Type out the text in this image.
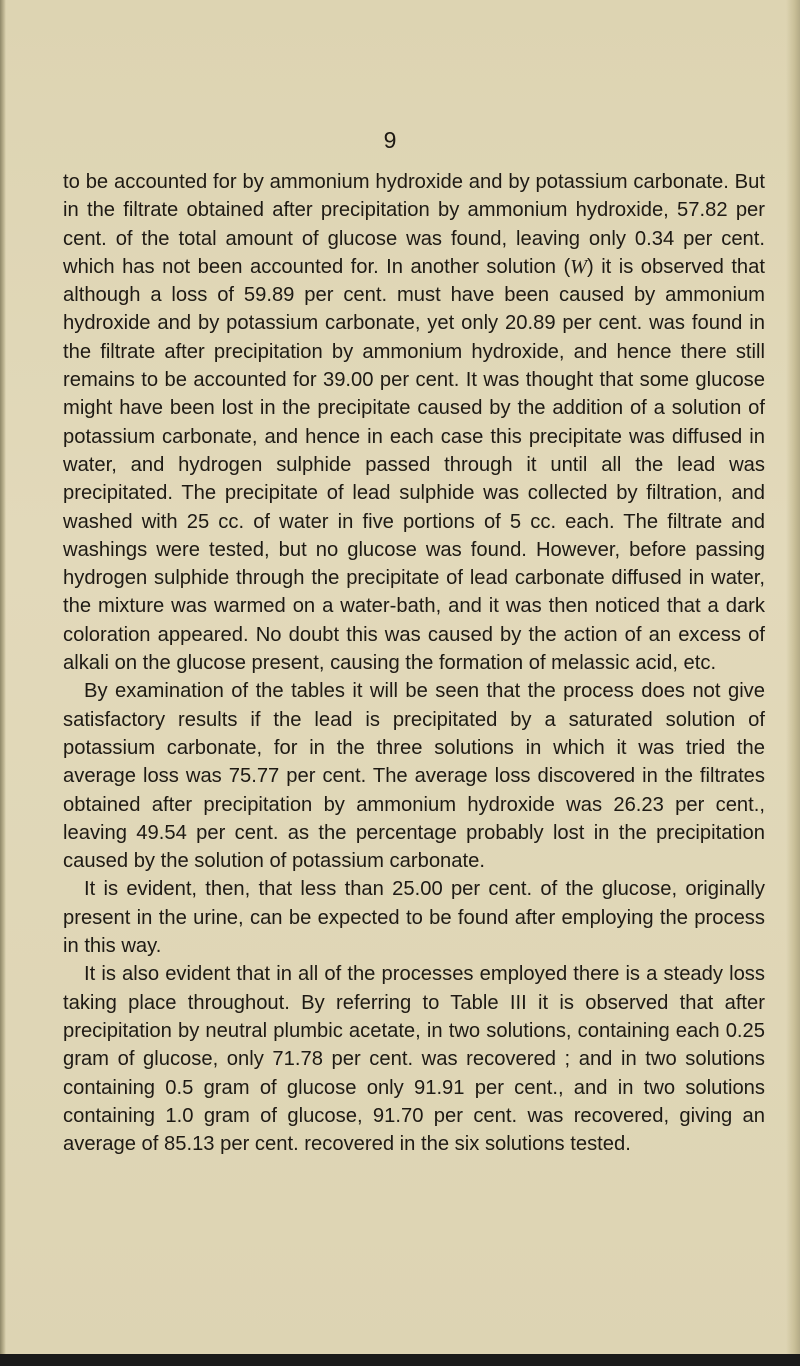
9

to be accounted for by ammonium hydroxide and by potassium carbonate. But in the filtrate obtained after precipitation by ammonium hydroxide, 57.82 per cent. of the total amount of glucose was found, leaving only 0.34 per cent. which has not been accounted for. In another solution (W) it is observed that although a loss of 59.89 per cent. must have been caused by ammonium hydroxide and by potassium carbonate, yet only 20.89 per cent. was found in the filtrate after precipitation by ammonium hydroxide, and hence there still remains to be accounted for 39.00 per cent. It was thought that some glucose might have been lost in the precipitate caused by the addition of a solution of potassium carbonate, and hence in each case this precipitate was diffused in water, and hydrogen sulphide passed through it until all the lead was precipitated. The precipitate of lead sulphide was collected by filtration, and washed with 25 cc. of water in five portions of 5 cc. each. The filtrate and washings were tested, but no glucose was found. However, before passing hydrogen sulphide through the precipitate of lead carbonate diffused in water, the mixture was warmed on a water-bath, and it was then noticed that a dark coloration appeared. No doubt this was caused by the action of an excess of alkali on the glucose present, causing the formation of melassic acid, etc.

By examination of the tables it will be seen that the process does not give satisfactory results if the lead is precipitated by a saturated solution of potassium carbonate, for in the three solutions in which it was tried the average loss was 75.77 per cent. The average loss discovered in the filtrates obtained after precipitation by ammonium hydroxide was 26.23 per cent., leaving 49.54 per cent. as the percentage probably lost in the precipitation caused by the solution of potassium carbonate.

It is evident, then, that less than 25.00 per cent. of the glucose, originally present in the urine, can be expected to be found after employing the process in this way.

It is also evident that in all of the processes employed there is a steady loss taking place throughout. By referring to Table III it is observed that after precipitation by neutral plumbic acetate, in two solutions, containing each 0.25 gram of glucose, only 71.78 per cent. was recovered ; and in two solutions containing 0.5 gram of glucose only 91.91 per cent., and in two solutions containing 1.0 gram of glucose, 91.70 per cent. was recovered, giving an average of 85.13 per cent. recovered in the six solutions tested.
